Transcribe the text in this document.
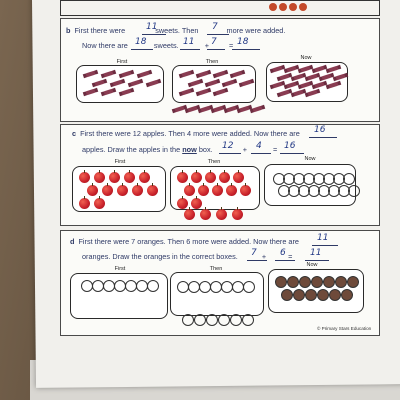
b First there were	sweets. Then	more were added.
11	7
Now there are	sweets.	+	=
18	11 7 18
First	Then
Now
c First there were 12 apples. Then 4 more were added. Now there are 16
apples. Draw the apples in the now box.	+	=
12	4 16
First	Then	Now
d First there were 7 oranges. Then 6 more were added. Now there are 11
oranges. Draw the oranges in the correct boxes.	+	=
7	6	11
First	Then
Now
© Primary Stars Education
